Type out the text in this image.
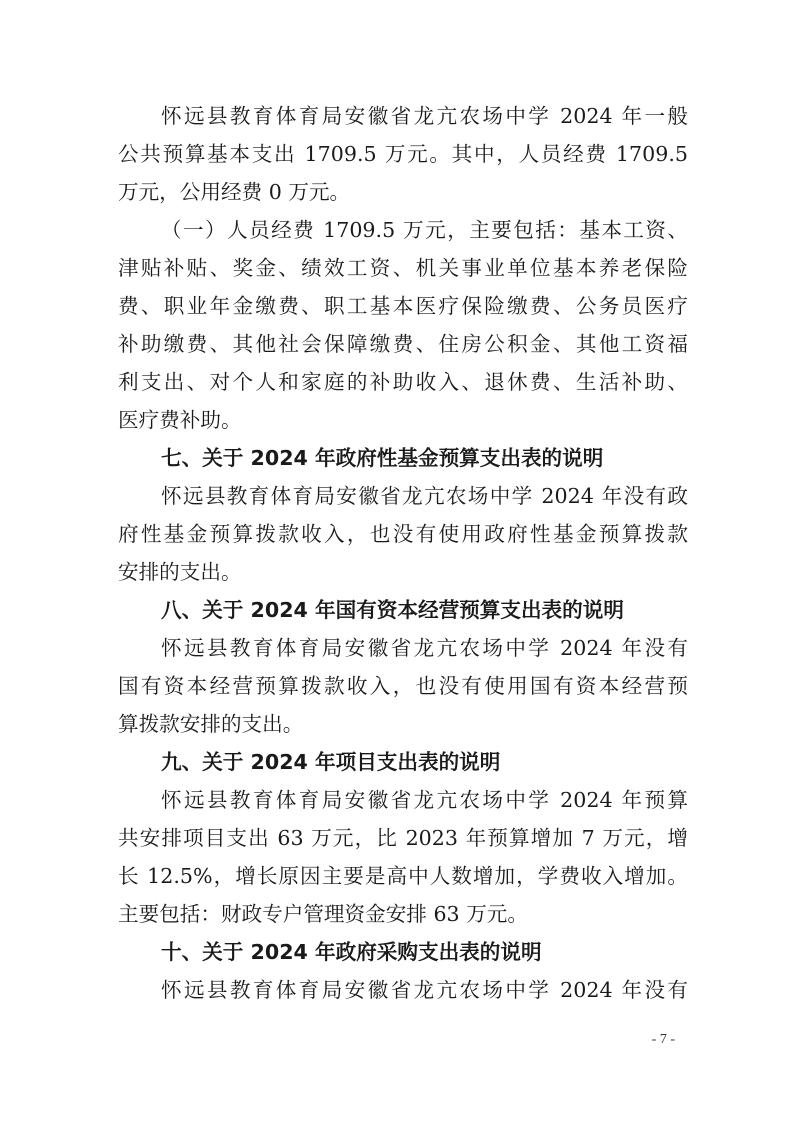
怀远县教育体育局安徽省龙亢农场中学 2024 年一般
公共预算基本支出 1709.5 万元。其中，人员经费 1709.5
万元，公用经费 0 万元。
（一）人员经费 1709.5 万元，主要包括：基本工资、
津贴补贴、奖金、绩效工资、机关事业单位基本养老保险
费、职业年金缴费、职工基本医疗保险缴费、公务员医疗
补助缴费、其他社会保障缴费、住房公积金、其他工资福
利支出、对个人和家庭的补助收入、退休费、生活补助、
医疗费补助。
七、关于 2024 年政府性基金预算支出表的说明
怀远县教育体育局安徽省龙亢农场中学 2024 年没有政
府性基金预算拨款收入，也没有使用政府性基金预算拨款
安排的支出。
八、关于 2024 年国有资本经营预算支出表的说明
怀远县教育体育局安徽省龙亢农场中学 2024 年没有
国有资本经营预算拨款收入，也没有使用国有资本经营预
算拨款安排的支出。
九、关于 2024 年项目支出表的说明
怀远县教育体育局安徽省龙亢农场中学 2024 年预算
共安排项目支出 63 万元，比 2023 年预算增加 7 万元，增
长 12.5%，增长原因主要是高中人数增加，学费收入增加。
主要包括：财政专户管理资金安排 63 万元。
十、关于 2024 年政府采购支出表的说明
怀远县教育体育局安徽省龙亢农场中学 2024 年没有
- 7 -
